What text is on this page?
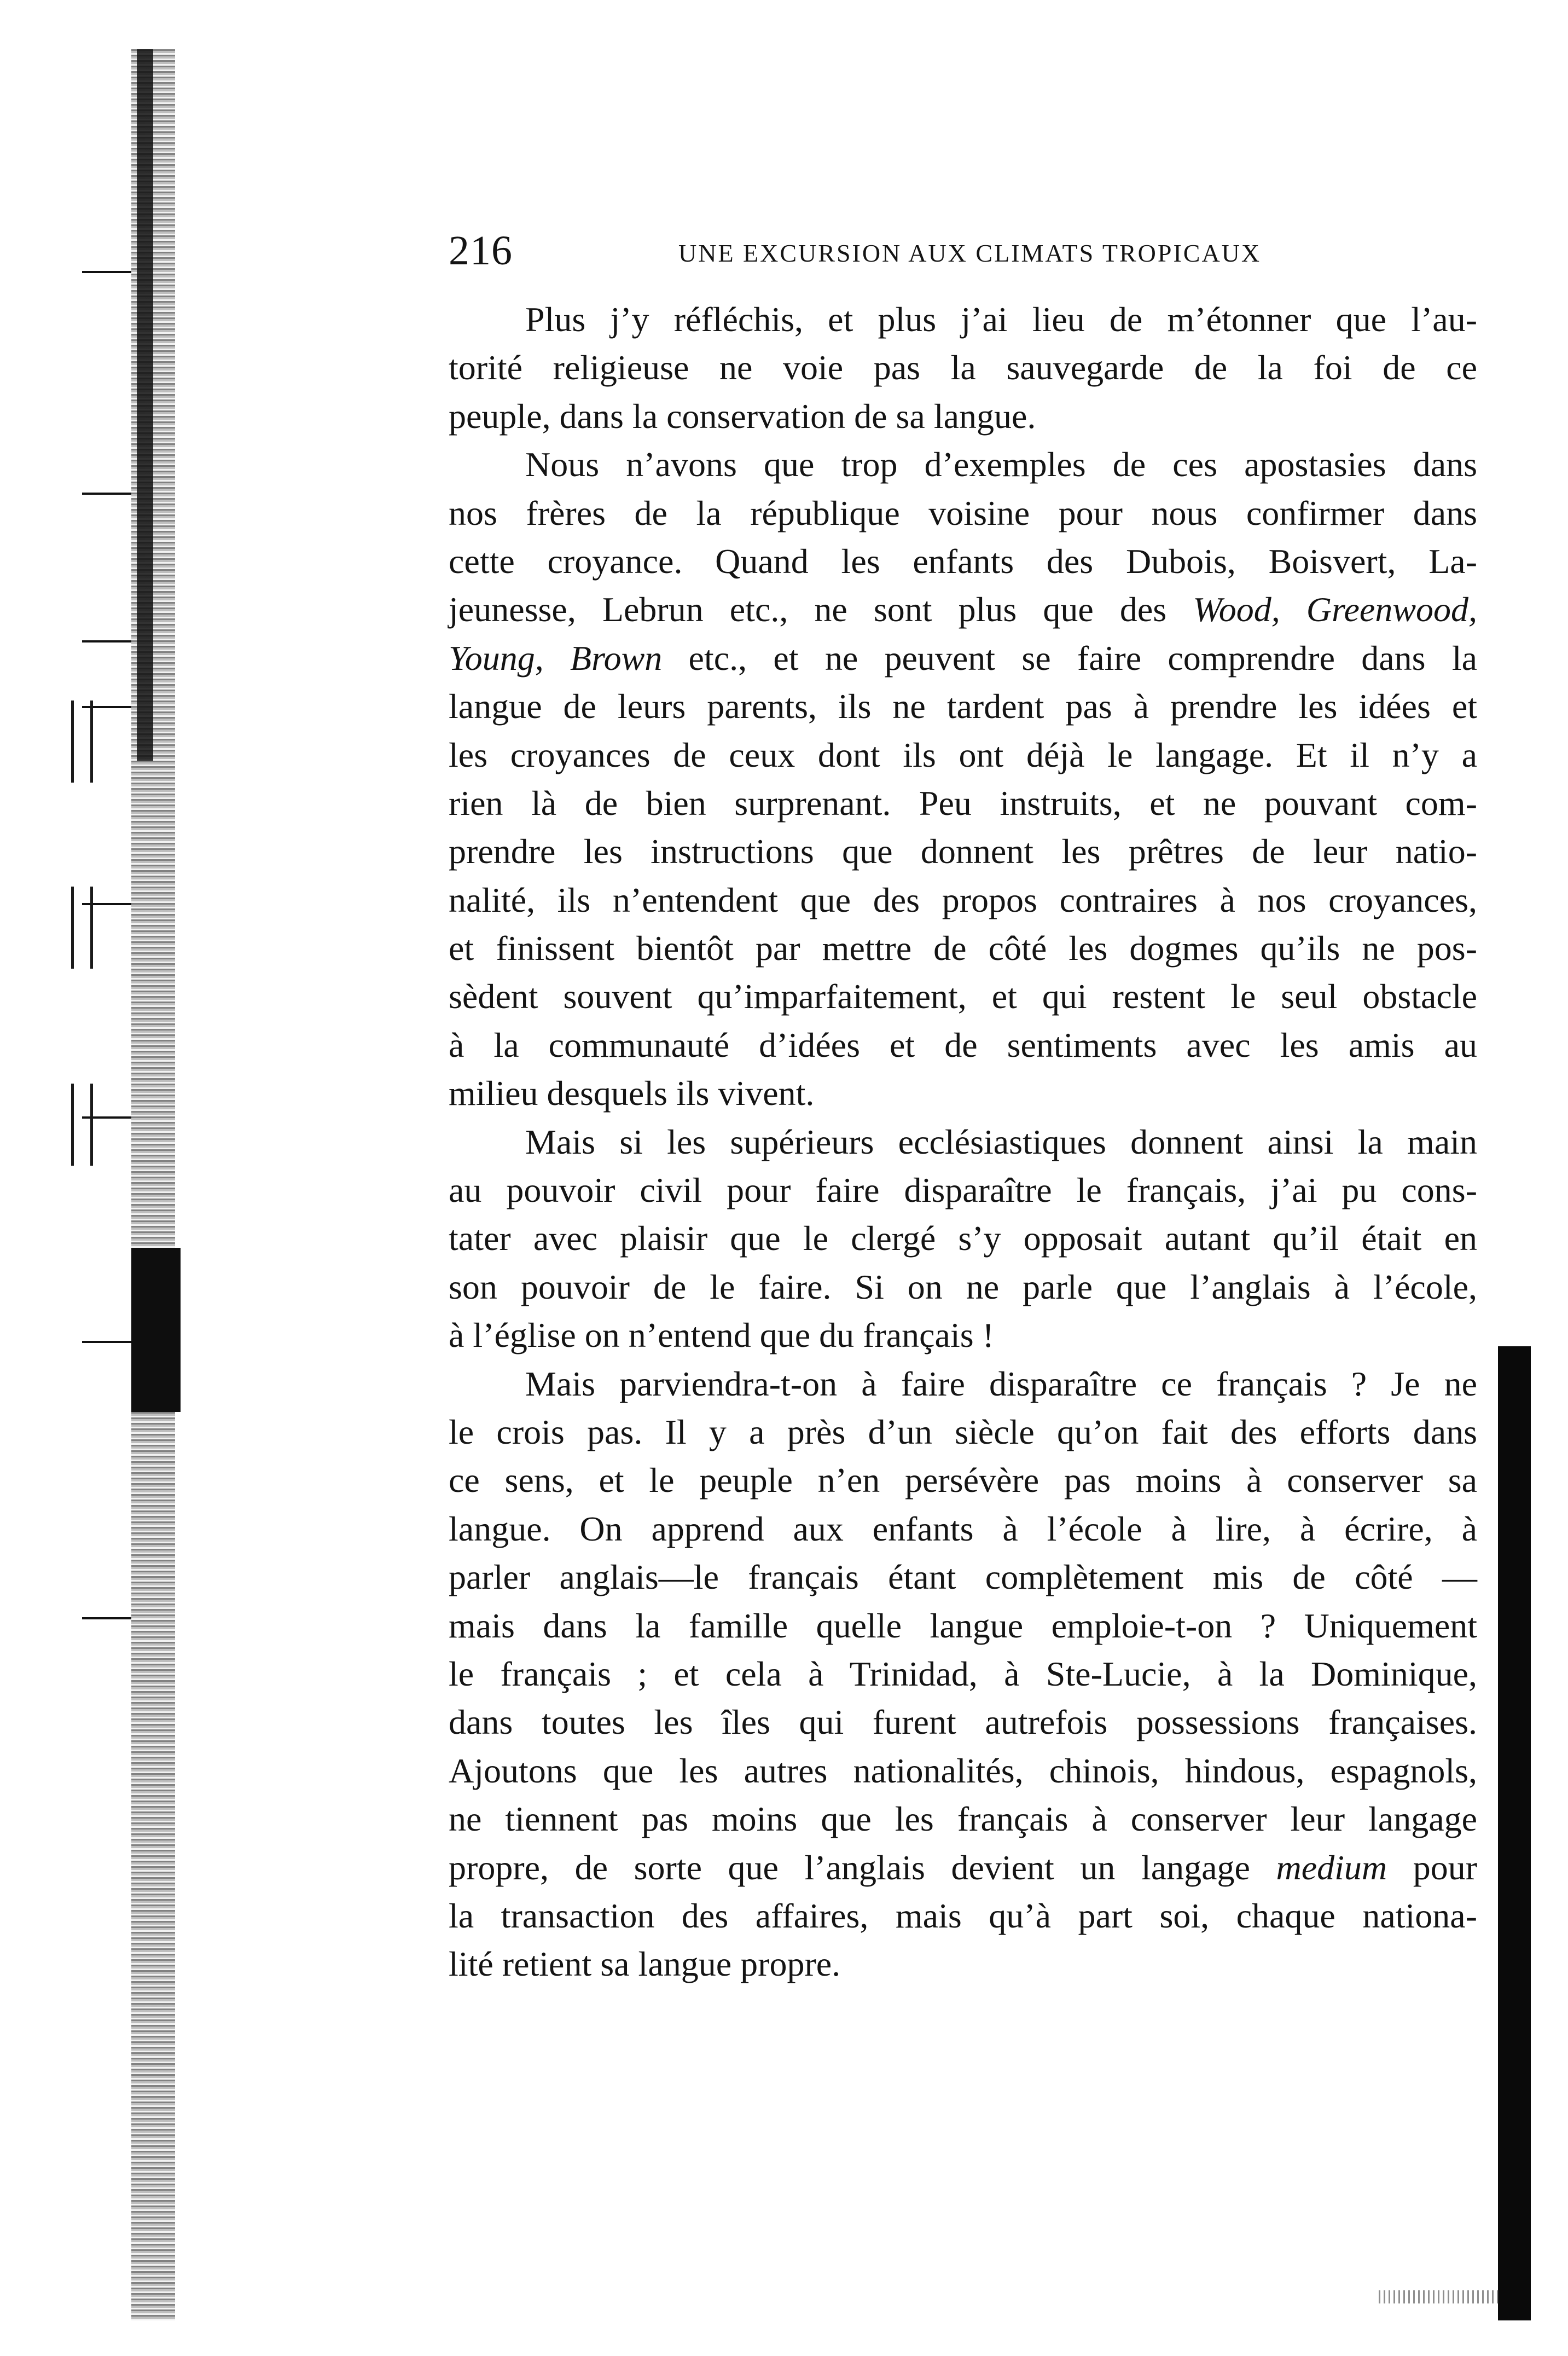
216	UNE EXCURSION AUX CLIMATS TROPICAUX

Plus j’y réfléchis, et plus j’ai lieu de m’étonner que l’au-
torité religieuse ne voie pas la sauvegarde de la foi de ce
peuple, dans la conservation de sa langue.

Nous n’avons que trop d’exemples de ces apostasies dans
nos frères de la république voisine pour nous confirmer dans
cette croyance. Quand les enfants des Dubois, Boisvert, La-
jeunesse, Lebrun etc., ne sont plus que des Wood, Greenwood,
Young, Brown etc., et ne peuvent se faire comprendre dans la
langue de leurs parents, ils ne tardent pas à prendre les idées et
les croyances de ceux dont ils ont déjà le langage. Et il n’y a
rien là de bien surprenant. Peu instruits, et ne pouvant com-
prendre les instructions que donnent les prêtres de leur natio-
nalité, ils n’entendent que des propos contraires à nos croyances,
et finissent bientôt par mettre de côté les dogmes qu’ils ne pos-
sèdent souvent qu’imparfaitement, et qui restent le seul obstacle
à la communauté d’idées et de sentiments avec les amis au
milieu desquels ils vivent.

Mais si les supérieurs ecclésiastiques donnent ainsi la main
au pouvoir civil pour faire disparaître le français, j’ai pu cons-
tater avec plaisir que le clergé s’y opposait autant qu’il était en
son pouvoir de le faire. Si on ne parle que l’anglais à l’école,
à l’église on n’entend que du français !

Mais parviendra-t-on à faire disparaître ce français ? Je ne
le crois pas. Il y a près d’un siècle qu’on fait des efforts dans
ce sens, et le peuple n’en persévère pas moins à conserver sa
langue. On apprend aux enfants à l’école à lire, à écrire, à
parler anglais—le français étant complètement mis de côté —
mais dans la famille quelle langue emploie-t-on ? Uniquement
le français ; et cela à Trinidad, à Ste-Lucie, à la Dominique,
dans toutes les îles qui furent autrefois possessions françaises.
Ajoutons que les autres nationalités, chinois, hindous, espagnols,
ne tiennent pas moins que les français à conserver leur langage
propre, de sorte que l’anglais devient un langage medium pour
la transaction des affaires, mais qu’à part soi, chaque nationa-
lité retient sa langue propre.
